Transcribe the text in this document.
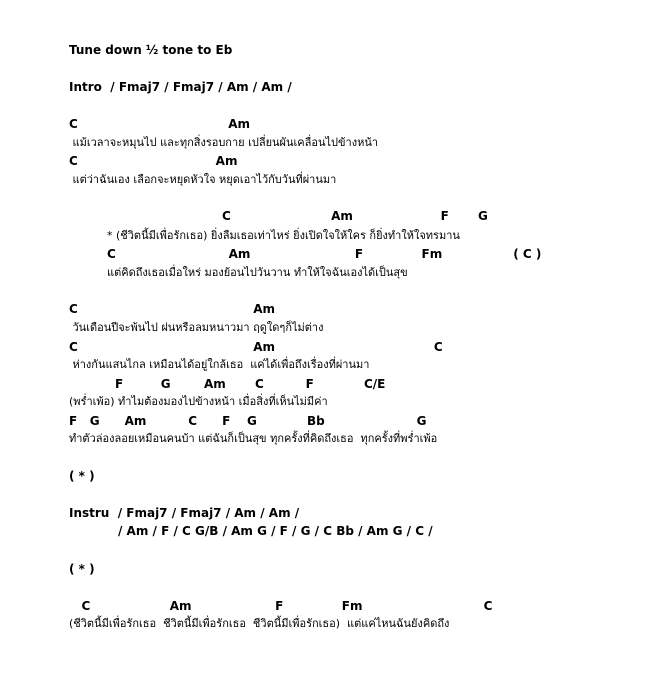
Tune down ½ tone to Eb
Intro  / Fmaj7 / Fmaj7 / Am / Am /
C                                    Am
แม้เวลาจะหมุนไป และทุกสิ่งรอบกาย เปลี่ยนผันเคลื่อนไปข้างหน้า
C                                 Am
แต่ว่าฉันเอง เลือกจะหยุดหัวใจ หยุดเอาไว้กับวันที่ผ่านมา
C                        Am                     F       G
* (ชีวิตนี้มีเพื่อรักเธอ) ยิ่งลืมเธอเท่าไหร่ ยิ่งเปิดใจให้ใคร ก็ยิ่งทำให้ใจทรมาน
C                           Am                         F              Fm                 ( C )
แต่คิดถึงเธอเมื่อใหร่ มองย้อนไปวันวาน ทำให้ใจฉันเองได้เป็นสุข
C                                          Am
วันเดือนปีจะพ้นไป ฝนหรือลมหนาวมา ฤดูใดๆก็ไม่ต่าง
C                                          Am                                      C
ห่างกันแสนไกล เหมือนได้อยู่ใกล้เธอ  แค่ได้เพื่อถึงเรื่องที่ผ่านมา
F         G        Am       C          F            C/E
(พร่ำเพ้อ) ทำไมต้องมองไปข้างหน้า เมื่อสิ่งที่เห็นไม่มีค่า
F   G      Am          C      F    G            Bb                      G
ทำตัวล่องลอยเหมือนคนบ้า แต่ฉันก็เป็นสุข ทุกครั้งที่คิดถึงเธอ  ทุกครั้งที่พร่ำเพ้อ
( * )
Instru  / Fmaj7 / Fmaj7 / Am / Am /
/ Am / F / C G/B / Am G / F / G / C Bb / Am G / C /
( * )
C                   Am                    F              Fm                             C
(ชีวิตนี้มีเพื่อรักเธอ  ชีวิตนี้มีเพื่อรักเธอ  ชีวิตนี้มีเพื่อรักเธอ)  แต่แค่ไหนฉันยังคิดถึง
